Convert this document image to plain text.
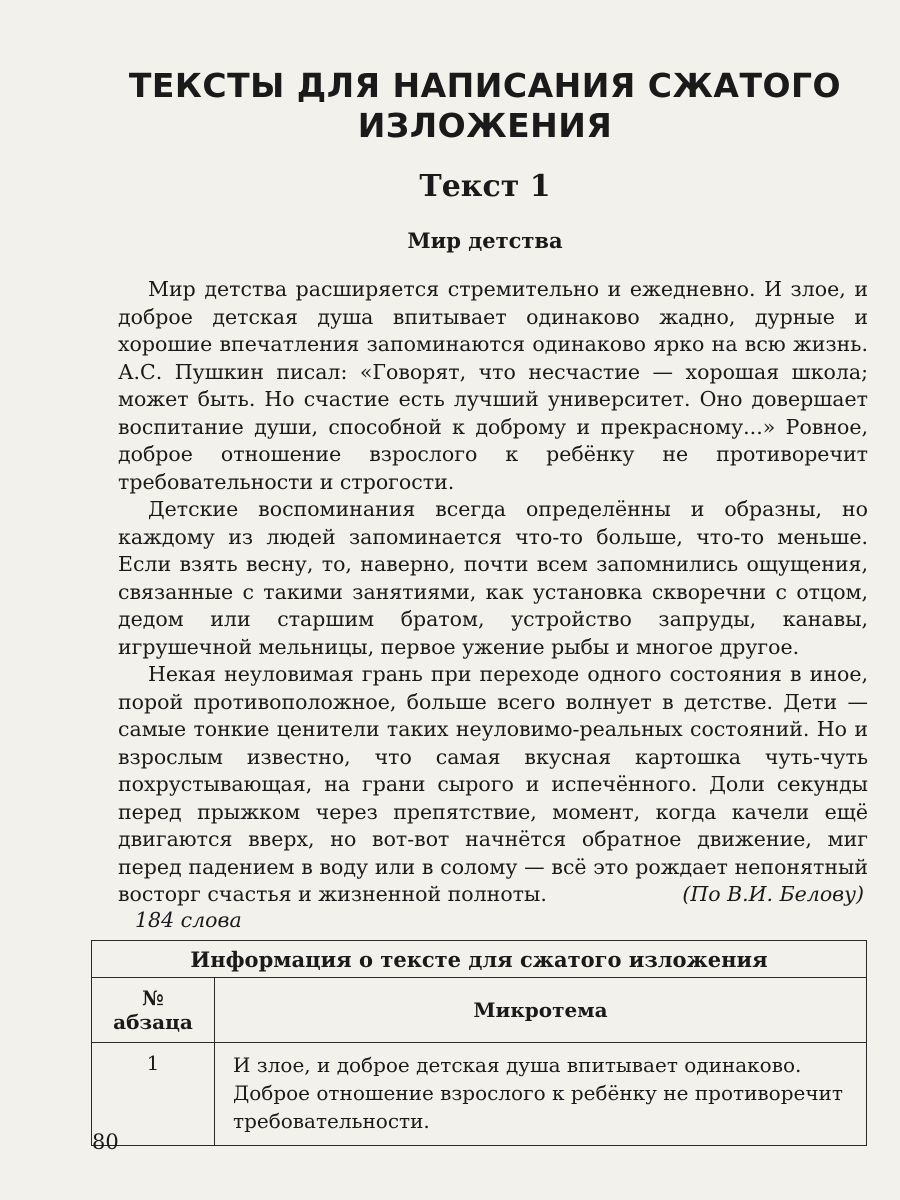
ТЕКСТЫ ДЛЯ НАПИСАНИЯ СЖАТОГО
ИЗЛОЖЕНИЯ
Текст 1
Мир детства

Мир детства расширяется стремительно и ежедневно. И злое, и доброе детская душа впитывает одинаково жадно, дурные и хорошие впечатления запоминаются одинаково ярко на всю жизнь. А.С. Пушкин писал: «Говорят, что несчастие — хорошая школа; может быть. Но счастие есть лучший университет. Оно довершает воспитание души, способной к доброму и прекрасному...» Ровное, доброе отношение взрослого к ребёнку не противоречит требовательности и строгости.

Детские воспоминания всегда определённы и образны, но каждому из людей запоминается что-то больше, что-то меньше. Если взять весну, то, наверно, почти всем запомнились ощущения, связанные с такими занятиями, как установка скворечни с отцом, дедом или старшим братом, устройство запруды, канавы, игрушечной мельницы, первое ужение рыбы и многое другое.

Некая неуловимая грань при переходе одного состояния в иное, порой противоположное, больше всего волнует в детстве. Дети — самые тонкие ценители таких неуловимо-реальных состояний. Но и взрослым известно, что самая вкусная картошка чуть-чуть похрустывающая, на грани сырого и испечённого. Доли секунды перед прыжком через препятствие, момент, когда качели ещё двигаются вверх, но вот-вот начнётся обратное движение, миг перед падением в воду или в солому — всё это рождает непонятный восторг счастья и жизненной полноты.	(По В.И. Белову)
184 слова
Информация о тексте для сжатого изложения	

№
абзаца	Микротема
1	И злое, и доброе детская душа впитывает одинаково. Доброе отношение взрослого к ребёнку не противоречит требовательности.
80
